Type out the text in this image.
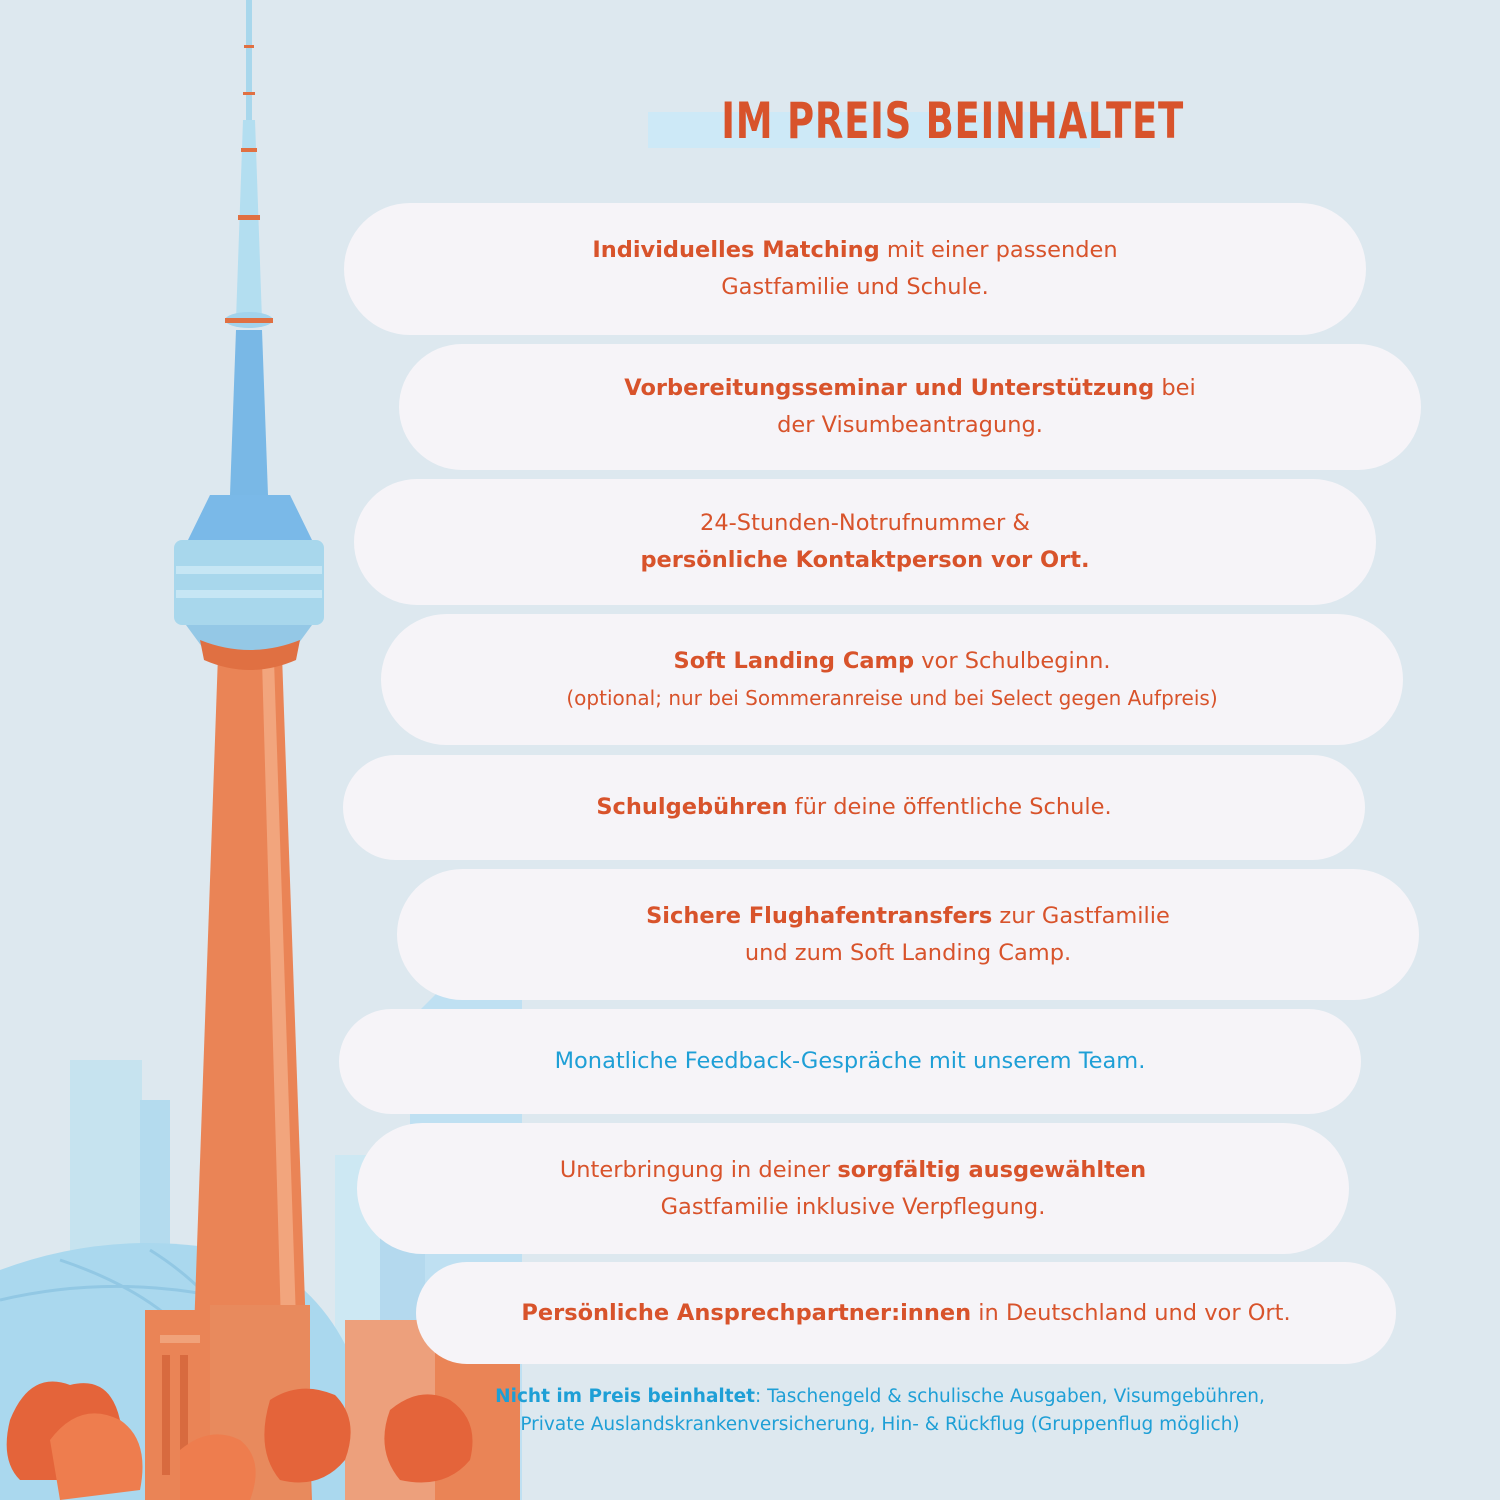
IM PREIS BEINHALTET
Individuelles Matching mit einer passenden
Gastfamilie und Schule.
Vorbereitungsseminar und Unterstützung bei
der Visumbeantragung.
24-Stunden-Notrufnummer &
persönliche Kontaktperson vor Ort.
Soft Landing Camp vor Schulbeginn.
(optional; nur bei Sommeranreise und bei Select gegen Aufpreis)
Schulgebühren für deine öffentliche Schule.
Sichere Flughafentransfers zur Gastfamilie
und zum Soft Landing Camp.
Monatliche Feedback-Gespräche mit unserem Team.
Unterbringung in deiner sorgfältig ausgewählten
Gastfamilie inklusive Verpflegung.
Persönliche Ansprechpartner:innen in Deutschland und vor Ort.
Nicht im Preis beinhaltet: Taschengeld & schulische Ausgaben, Visumgebühren,
Private Auslandskrankenversicherung, Hin- & Rückflug (Gruppenflug möglich)
